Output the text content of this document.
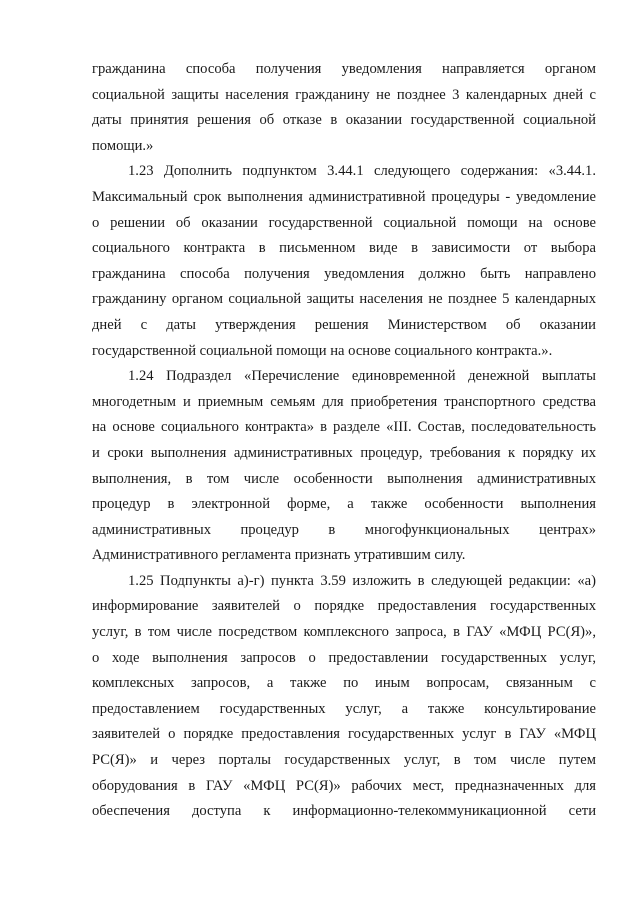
гражданина способа получения уведомления направляется органом
социальной защиты населения гражданину не позднее 3 календарных дней с
даты принятия решения об отказе в оказании государственной социальной
помощи.»
1.23 Дополнить подпунктом 3.44.1 следующего содержания: «3.44.1.
Максимальный срок выполнения административной процедуры - уведомление
о решении об оказании государственной социальной помощи на основе
социального контракта в письменном виде в зависимости от выбора
гражданина способа получения уведомления должно быть направлено
гражданину органом социальной защиты населения не позднее 5 календарных
дней с даты утверждения решения Министерством об оказании
государственной социальной помощи на основе социального контракта.».
1.24 Подраздел «Перечисление единовременной денежной выплаты
многодетным и приемным семьям для приобретения транспортного средства
на основе социального контракта» в разделе «III. Состав, последовательность
и сроки выполнения административных процедур, требования к порядку их
выполнения, в том числе особенности выполнения административных
процедур в электронной форме, а также особенности выполнения
административных процедур в многофункциональных центрах»
Административного регламента признать утратившим силу.
1.25 Подпункты а)-г) пункта 3.59 изложить в следующей редакции: «а)
информирование заявителей о порядке предоставления государственных
услуг, в том числе посредством комплексного запроса, в ГАУ «МФЦ РС(Я)»,
о ходе выполнения запросов о предоставлении государственных услуг,
комплексных запросов, а также по иным вопросам, связанным с
предоставлением государственных услуг, а также консультирование
заявителей о порядке предоставления государственных услуг в ГАУ «МФЦ
РС(Я)» и через порталы государственных услуг, в том числе путем
оборудования в ГАУ «МФЦ РС(Я)» рабочих мест, предназначенных для
обеспечения доступа к информационно-телекоммуникационной сети
